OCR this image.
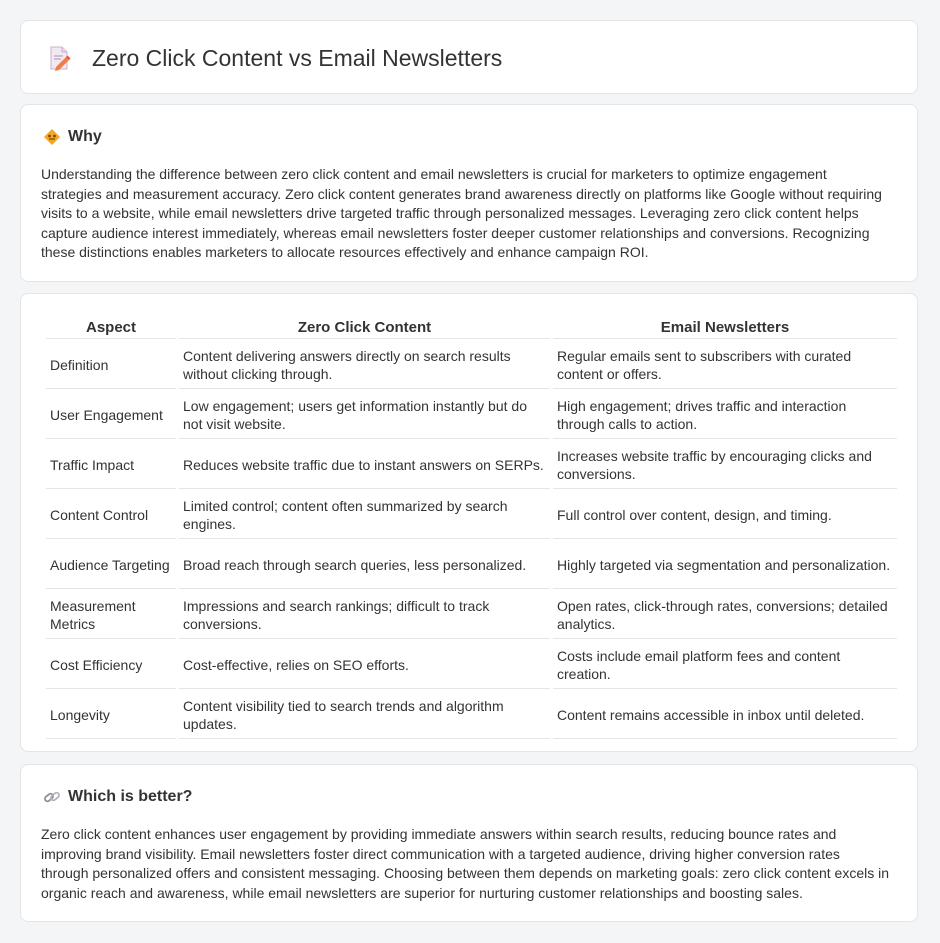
Zero Click Content vs Email Newsletters
Why

Understanding the difference between zero click content and email newsletters is crucial for marketers to optimize engagement strategies and measurement accuracy. Zero click content generates brand awareness directly on platforms like Google without requiring visits to a website, while email newsletters drive targeted traffic through personalized messages. Leveraging zero click content helps capture audience interest immediately, whereas email newsletters foster deeper customer relationships and conversions. Recognizing these distinctions enables marketers to allocate resources effectively and enhance campaign ROI.

Aspect	Zero Click Content	Email Newsletters
Definition	Content delivering answers directly on search results without clicking through.	Regular emails sent to subscribers with curated content or offers.
User Engagement	Low engagement; users get information instantly but do not visit website.	High engagement; drives traffic and interaction through calls to action.
Traffic Impact	Reduces website traffic due to instant answers on SERPs.	Increases website traffic by encouraging clicks and conversions.
Content Control	Limited control; content often summarized by search engines.	Full control over content, design, and timing.
Audience Targeting	Broad reach through search queries, less personalized.	Highly targeted via segmentation and personalization.
Measurement Metrics	Impressions and search rankings; difficult to track conversions.	Open rates, click-through rates, conversions; detailed analytics.
Cost Efficiency	Cost-effective, relies on SEO efforts.	Costs include email platform fees and content creation.
Longevity	Content visibility tied to search trends and algorithm updates.	Content remains accessible in inbox until deleted.
Which is better?

Zero click content enhances user engagement by providing immediate answers within search results, reducing bounce rates and improving brand visibility. Email newsletters foster direct communication with a targeted audience, driving higher conversion rates through personalized offers and consistent messaging. Choosing between them depends on marketing goals: zero click content excels in organic reach and awareness, while email newsletters are superior for nurturing customer relationships and boosting sales.
